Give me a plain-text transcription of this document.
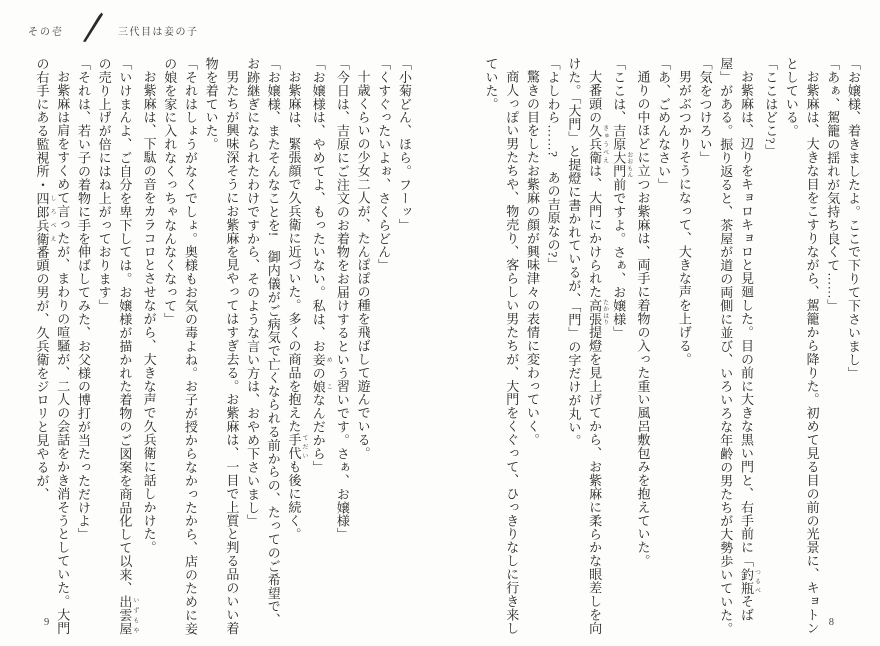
その壱	三代目は妾の子

「お嬢様、着きましたよ。ここで下りて下さいまし」

「あぁ、駕籠の揺れが気持ち良くて……」

お紫麻は、大きな目をこすりながら、駕籠から降りた。初めて見る目の前の光景に、キョトンとしている。

「ここはどこ?」

お紫麻は、辺りをキョロキョロと見廻した。目の前に大きな黒い門と、右手前に「釣瓶 つるべそば屋」がある。振り返ると、茶屋が道の両側に並び、いろいろな年齢の男たちが大勢歩いていた。

「気をつけろい」

男がぶつかりそうになって、大きな声を上げる。

「あ、ごめんなさい」

通りの中ほどに立つお紫麻は、両手に着物の入った重い風呂敷包みを抱えていた。

「ここは、吉原大門 おおもん前ですよ。さぁ、お嬢様」

大番頭の久兵衛 きゅうべえは、大門にかけられた高張 たかはり提燈を見上げてから、お紫麻に柔らかな眼差しを向けた。「大門」と提燈に書かれているが、「門」の字だけが丸い。

「よしわら……?　あの吉原なの?」

驚きの目をしたお紫麻の顔が興味津々の表情に変わっていく。

商人っぽい男たちや、物売り、客らしい男たちが、大門をくぐって、ひっきりなしに行き来していた。

「小菊どん、ほら。フーッ」

「くすぐったいよぉ、さくらどん」

十歳くらいの少女二人が、たんぽぽの種を飛ばして遊んでいる。

「今日は、吉原にご注文のお着物をお届けするという習いです。さぁ、お嬢様」

「お嬢様は、やめてよ、もったいない。私は、お妾 めの娘 こなんだから」

お紫麻は、緊張顔で久兵衛に近づいた。多くの商品を抱えた手代 てだいも後に続く。

「お嬢様、またそんなことを!　御内儀がご病気で亡くなられる前からの、たってのご希望で、お跡継ぎになられたわけですから、そのような言い方は、おやめ下さいまし」

男たちが興味深そうにお紫麻を見やってはすぎ去る。お紫麻は、一目で上質と判る品のいい着物を着ていた。

「それはしょうがなくでしょ。奥様もお気の毒よね。お子が授からなかったから、店のために妾の娘を家に入れなくっちゃなんなくなって」

お紫麻は、下駄の音をカラコロとさせながら、大きな声で久兵衛に話しかけた。

「いけまんよ、ご自分を卑下しては。お嬢様が描かれた着物のご図案を商品化して以来、出雲屋 いずもやの売り上げが倍にはね上がっております」

「それは、若い子の着物に手を伸ばしてみた、お父様の博打が当たっただけよ」

お紫麻は肩をすくめて言ったが、まわりの喧騒が、二人の会話をかき消そうとしていた。大門の右手にある監視所・四郎兵衛 しろべえ番頭の男が、久兵衛をジロリと見やるが、

8
9
